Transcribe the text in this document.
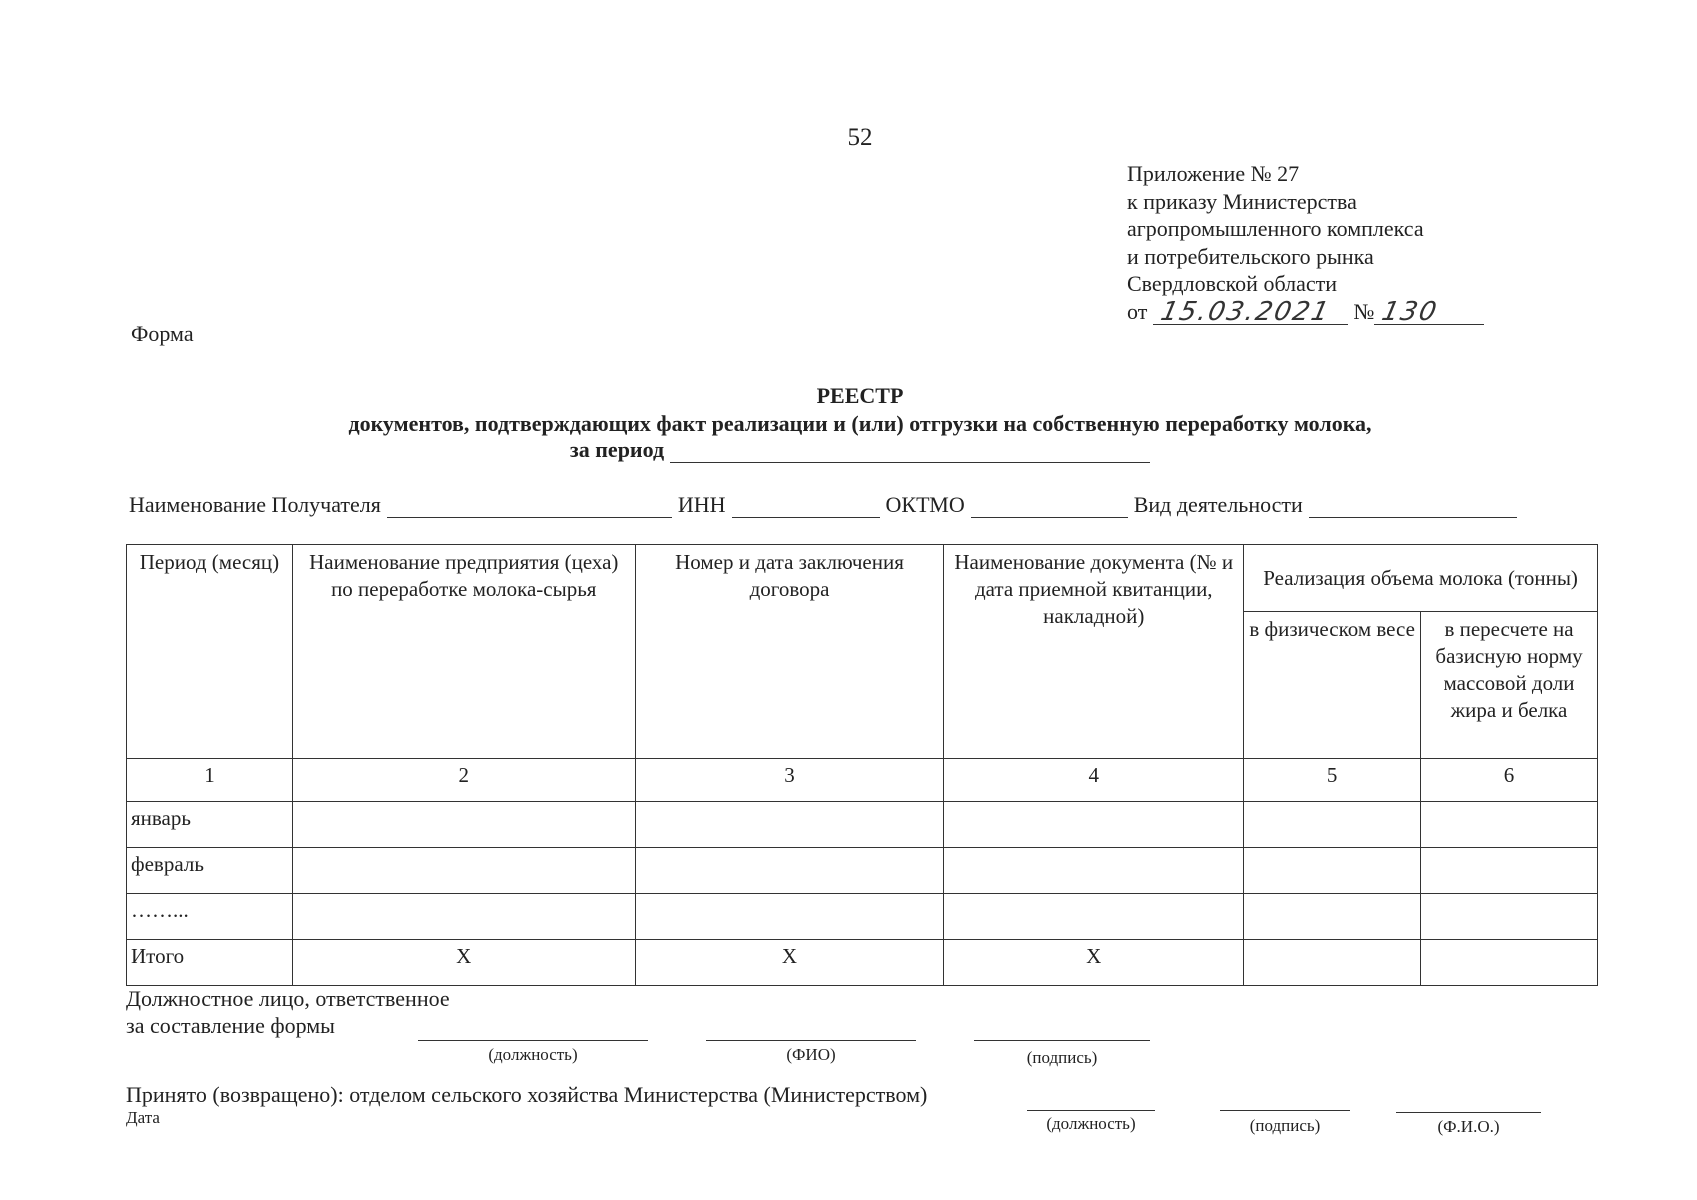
52
Приложение № 27
к приказу Министерства
агропромышленного комплекса
и потребительского рынка
Свердловской области
от 15.03.2021 № 130
Форма
РЕЕСТР
документов, подтверждающих факт реализации и (или) отгрузки на собственную переработку молока,
за период
Наименование Получателя	ИНН	ОКТМО	Вид деятельности
Период (месяц)	Наименование предприятия (цеха) по переработке молока-сырья	Номер и дата заключения договора	Наименование документа (№ и дата приемной квитанции, накладной)	Реализация объема молока (тонны)	
				в физическом весе	в пересчете на базисную норму массовой доли жира и белка
1	2	3	4	5	6
январь					
февраль					
……...					
Итого	Х	Х	Х		
Должностное лицо, ответственное
за составление формы
(должность)	(ФИО)	(подпись)
Принято (возвращено): отделом сельского хозяйства Министерства (Министерством)
Дата	(должность)	(подпись)	(Ф.И.О.)
